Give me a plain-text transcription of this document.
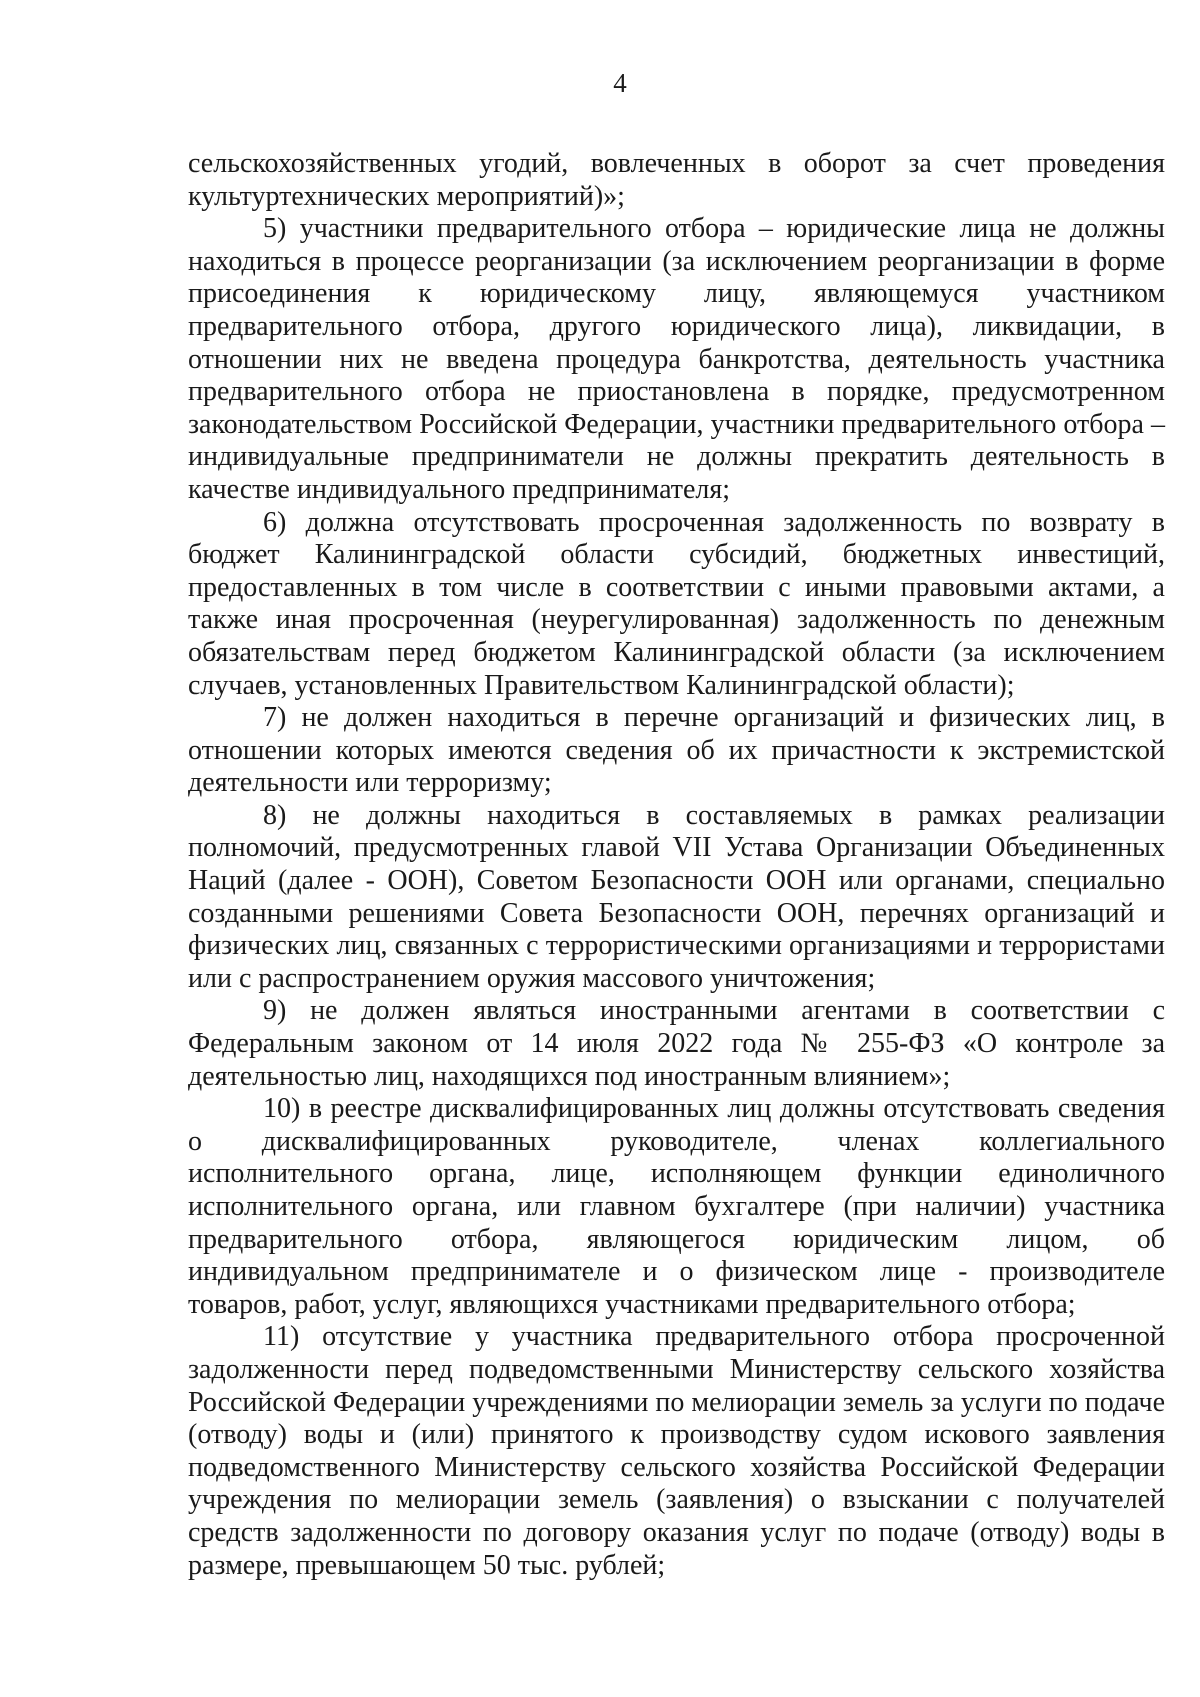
4

сельскохозяйственных угодий, вовлеченных в оборот за счет проведения культуртехнических мероприятий)»;

5) участники предварительного отбора – юридические лица не должны находиться в процессе реорганизации (за исключением реорганизации в форме присоединения к юридическому лицу, являющемуся участником предварительного отбора, другого юридического лица), ликвидации, в отношении них не введена процедура банкротства, деятельность участника предварительного отбора не приостановлена в порядке, предусмотренном законодательством Российской Федерации, участники предварительного отбора – индивидуальные предприниматели не должны прекратить деятельность в качестве индивидуального предпринимателя;

6) должна отсутствовать просроченная задолженность по возврату в бюджет Калининградской области субсидий, бюджетных инвестиций, предоставленных в том числе в соответствии с иными правовыми актами, а также иная просроченная (неурегулированная) задолженность по денежным обязательствам перед бюджетом Калининградской области (за исключением случаев, установленных Правительством Калининградской области);

7) не должен находиться в перечне организаций и физических лиц, в отношении которых имеются сведения об их причастности к экстремистской деятельности или терроризму;

8) не должны находиться в составляемых в рамках реализации полномочий, предусмотренных главой VII Устава Организации Объединенных Наций (далее - ООН), Советом Безопасности ООН или органами, специально созданными решениями Совета Безопасности ООН, перечнях организаций и физических лиц, связанных с террористическими организациями и террористами или с распространением оружия массового уничтожения;

9) не должен являться иностранными агентами в соответствии с Федеральным законом от 14 июля 2022 года № 255-ФЗ «О контроле за деятельностью лиц, находящихся под иностранным влиянием»;

10) в реестре дисквалифицированных лиц должны отсутствовать сведения о дисквалифицированных руководителе, членах коллегиального исполнительного органа, лице, исполняющем функции единоличного исполнительного органа, или главном бухгалтере (при наличии) участника предварительного отбора, являющегося юридическим лицом, об индивидуальном предпринимателе и о физическом лице - производителе товаров, работ, услуг, являющихся участниками предварительного отбора;

11) отсутствие у участника предварительного отбора просроченной задолженности перед подведомственными Министерству сельского хозяйства Российской Федерации учреждениями по мелиорации земель за услуги по подаче (отводу) воды и (или) принятого к производству судом искового заявления подведомственного Министерству сельского хозяйства Российской Федерации учреждения по мелиорации земель (заявления) о взыскании с получателей средств задолженности по договору оказания услуг по подаче (отводу) воды в размере, превышающем 50 тыс. рублей;
